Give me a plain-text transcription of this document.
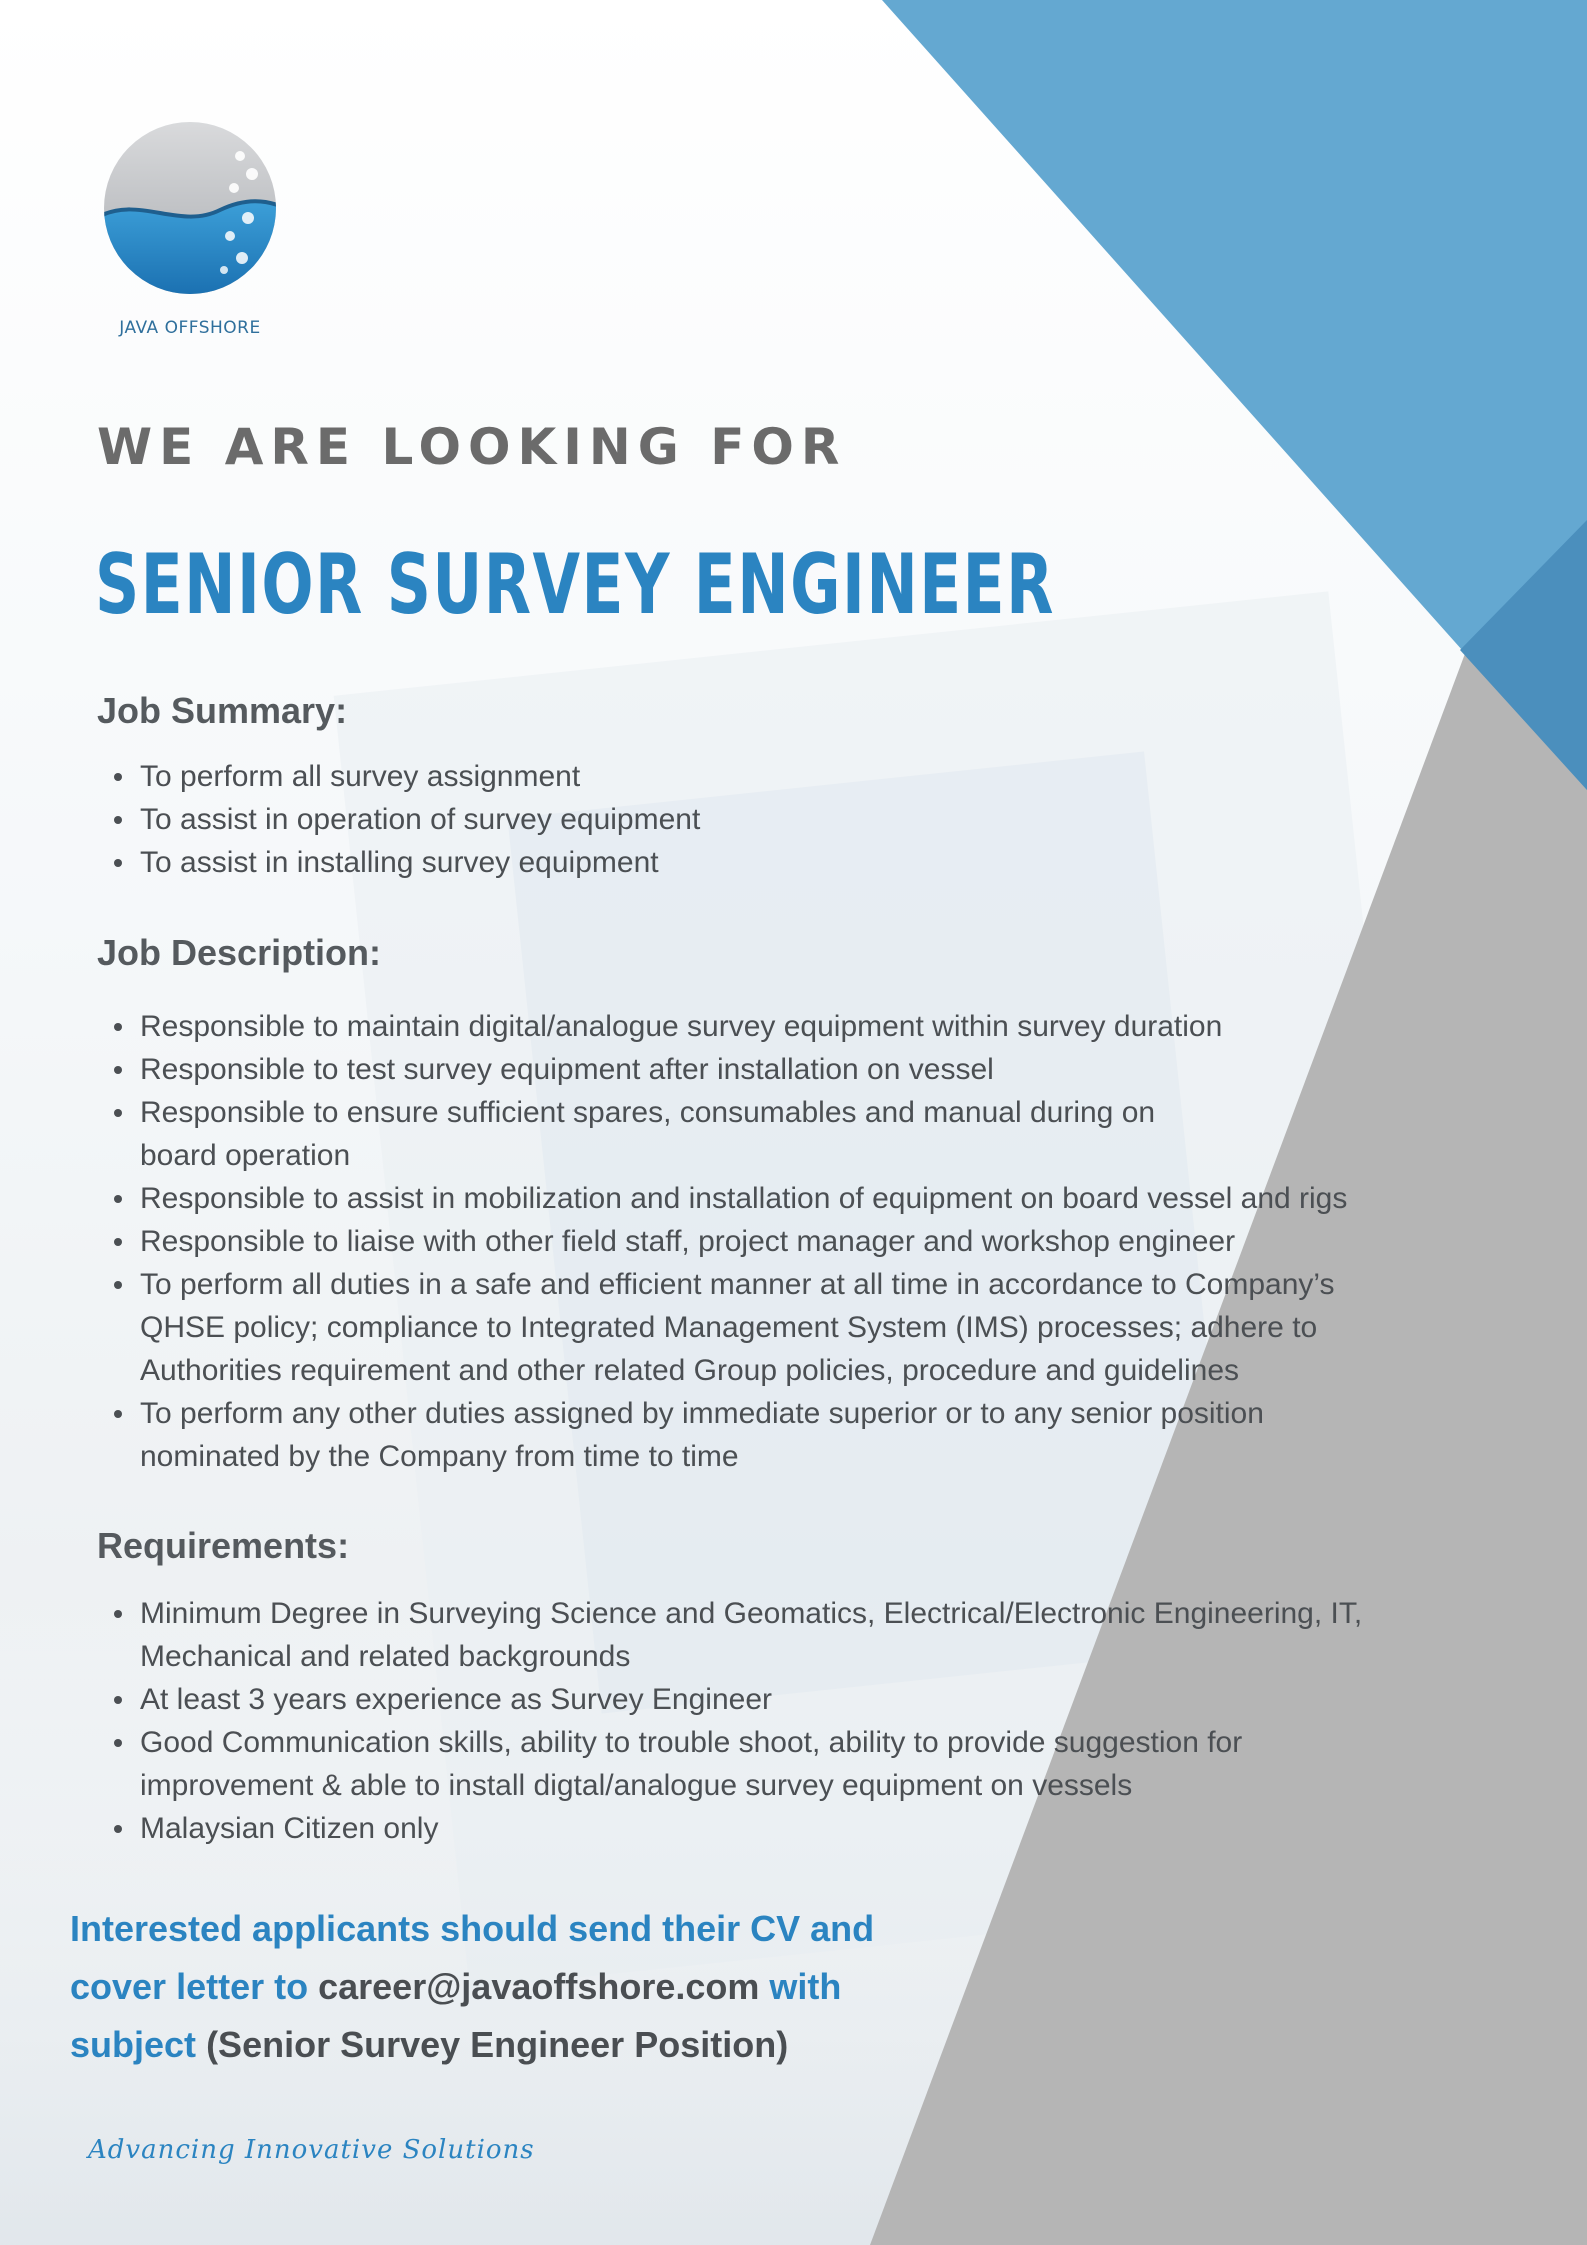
JAVA OFFSHORE
WE ARE LOOKING FOR
SENIOR SURVEY ENGINEER
Job Summary:
To perform all survey assignment
To assist in operation of survey equipment
To assist in installing survey equipment
Job Description:
Responsible to maintain digital/analogue survey equipment within survey duration
Responsible to test survey equipment after installation on vessel
Responsible to ensure sufficient spares, consumables and manual during on board operation
Responsible to assist in mobilization and installation of equipment on board vessel and rigs
Responsible to liaise with other field staff, project manager and workshop engineer
To perform all duties in a safe and efficient manner at all time in accordance to Company’s QHSE policy; compliance to Integrated Management System (IMS) processes; adhere to Authorities requirement and other related Group policies, procedure and guidelines
To perform any other duties assigned by immediate superior or to any senior position nominated by the Company from time to time
Requirements:
Minimum Degree in Surveying Science and Geomatics, Electrical/Electronic Engineering, IT, Mechanical and related backgrounds
At least 3 years experience as Survey Engineer
Good Communication skills, ability to trouble shoot, ability to provide suggestion for improvement & able to install digtal/analogue survey equipment on vessels
Malaysian Citizen only
Interested applicants should send their CV and cover letter to career@javaoffshore.com with subject (Senior Survey Engineer Position)
Advancing Innovative Solutions
